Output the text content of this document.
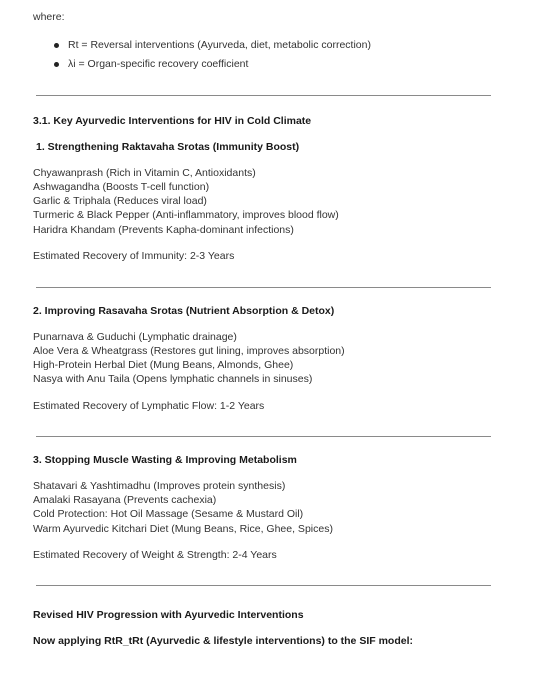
where:
Rt = Reversal interventions (Ayurveda, diet, metabolic correction)
λi = Organ-specific recovery coefficient
3.1. Key Ayurvedic Interventions for HIV in Cold Climate
1. Strengthening Raktavaha Srotas (Immunity Boost)
Chyawanprash (Rich in Vitamin C, Antioxidants)
Ashwagandha (Boosts T-cell function)
Garlic & Triphala (Reduces viral load)
Turmeric & Black Pepper (Anti-inflammatory, improves blood flow)
Haridra Khandam (Prevents Kapha-dominant infections)
Estimated Recovery of Immunity: 2-3 Years
2. Improving Rasavaha Srotas (Nutrient Absorption & Detox)
Punarnava & Guduchi (Lymphatic drainage)
Aloe Vera & Wheatgrass (Restores gut lining, improves absorption)
High-Protein Herbal Diet (Mung Beans, Almonds, Ghee)
Nasya with Anu Taila (Opens lymphatic channels in sinuses)
Estimated Recovery of Lymphatic Flow: 1-2 Years
3. Stopping Muscle Wasting & Improving Metabolism
Shatavari & Yashtimadhu (Improves protein synthesis)
Amalaki Rasayana (Prevents cachexia)
Cold Protection: Hot Oil Massage (Sesame & Mustard Oil)
Warm Ayurvedic Kitchari Diet (Mung Beans, Rice, Ghee, Spices)
Estimated Recovery of Weight & Strength: 2-4 Years
Revised HIV Progression with Ayurvedic Interventions
Now applying RtR_tRt (Ayurvedic & lifestyle interventions) to the SIF model:
